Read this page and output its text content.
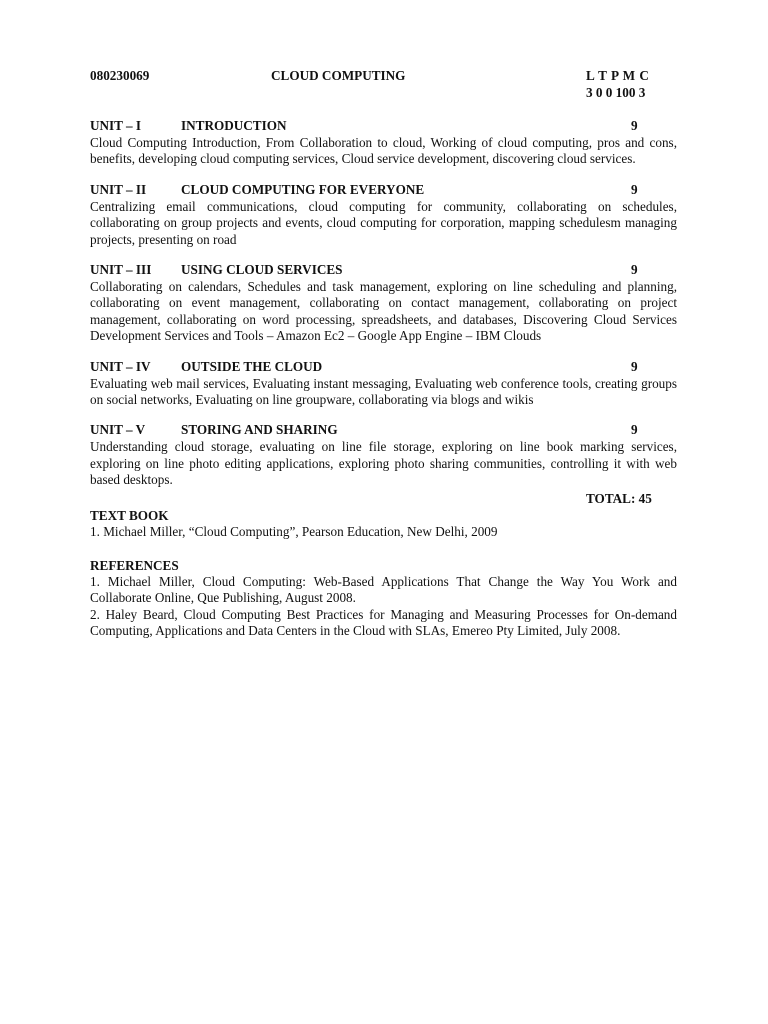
080230069	CLOUD COMPUTING	L T P M C
3 0 0 100 3
UNIT – I	INTRODUCTION	9
Cloud Computing Introduction, From Collaboration to cloud, Working of cloud computing, pros and cons, benefits, developing cloud computing services, Cloud service development, discovering cloud services.
UNIT – II	CLOUD COMPUTING FOR EVERYONE	9
Centralizing email communications, cloud computing for community, collaborating on schedules, collaborating on group projects and events, cloud computing for corporation, mapping schedulesm managing projects, presenting on road
UNIT – III USING CLOUD SERVICES	9
Collaborating on calendars, Schedules and task management, exploring on line scheduling and planning, collaborating on event management, collaborating on contact management, collaborating on project management, collaborating on word processing, spreadsheets, and databases, Discovering Cloud Services Development Services and Tools – Amazon Ec2 – Google App Engine – IBM Clouds
UNIT – IV OUTSIDE THE CLOUD	9
Evaluating web mail services, Evaluating instant messaging, Evaluating web conference tools, creating groups on social networks, Evaluating on line groupware, collaborating via blogs and wikis
UNIT – V	STORING AND SHARING	9
Understanding cloud storage, evaluating on line file storage, exploring on line book marking services, exploring on line photo editing applications, exploring photo sharing communities, controlling it with web based desktops.
TOTAL: 45
TEXT BOOK
1. Michael Miller, “Cloud Computing”, Pearson Education, New Delhi, 2009
REFERENCES
1. Michael Miller, Cloud Computing: Web-Based Applications That Change the Way You Work and Collaborate Online, Que Publishing, August 2008.
2. Haley Beard, Cloud Computing Best Practices for Managing and Measuring Processes for On-demand Computing, Applications and Data Centers in the Cloud with SLAs, Emereo Pty Limited, July 2008.
